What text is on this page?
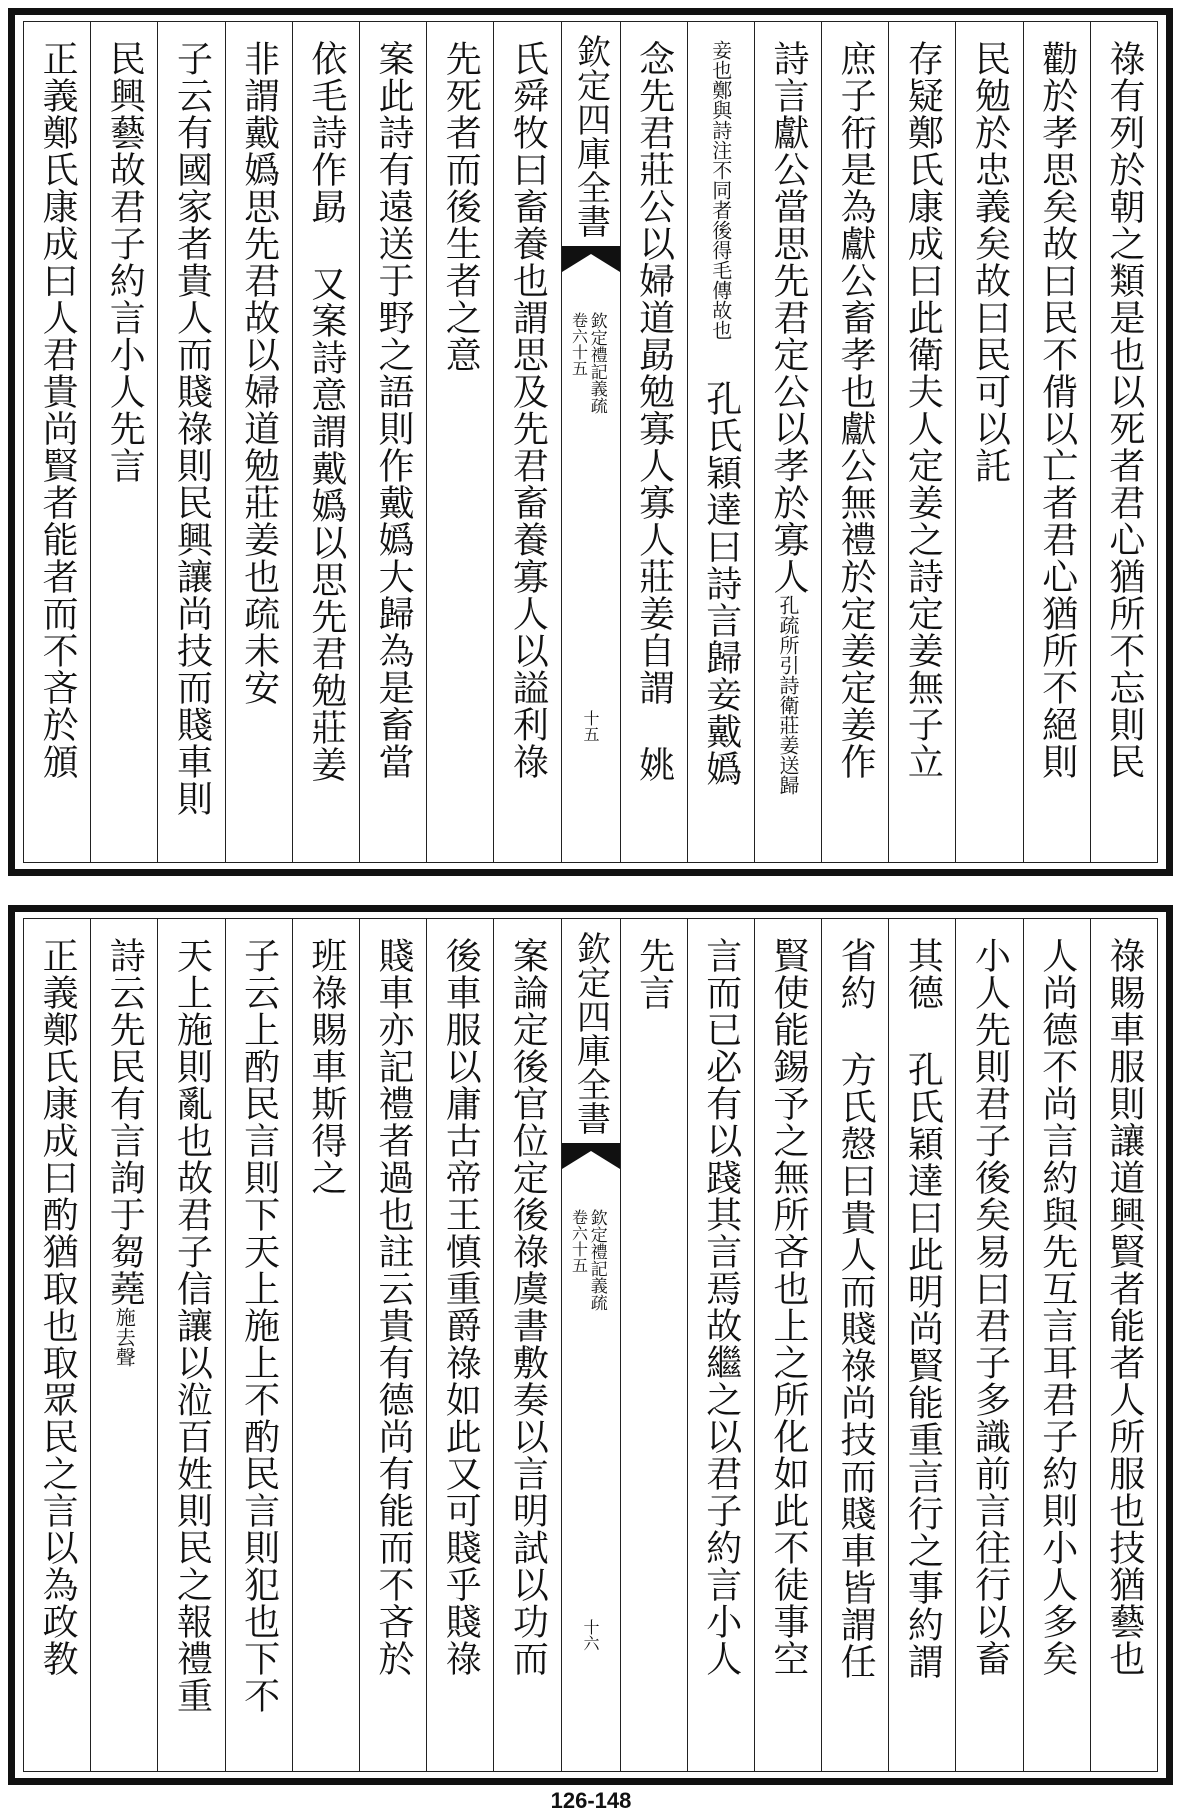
祿有列於朝之類是也以死者君心猶所不忘則民
勸於孝思矣故曰民不偝以亡者君心猶所不絕則
民勉於忠義矣故曰民可以託
存疑鄭氏康成曰此衛夫人定姜之詩定姜無子立
庶子衎是為獻公畜孝也獻公無禮於定姜定姜作
詩言獻公當思先君定公以孝於寡人孔疏所引詩衛莊姜送歸
妾也鄭與詩注不同者後得毛傳故也孔氏穎達曰詩言歸妾戴嬀
念先君莊公以婦道勗勉寡人寡人莊姜自謂姚
欽定四庫全書
欽定禮記義疏
卷六十五
十五
氏舜牧曰畜養也謂思及先君畜養寡人以謚利祿
先死者而後生者之意
案此詩有遠送于野之語則作戴嬀大歸為是畜當
依毛詩作勗又案詩意謂戴嬀以思先君勉莊姜
非謂戴嬀思先君故以婦道勉莊姜也疏未安
子云有國家者貴人而賤祿則民興讓尚技而賤車則
民興藝故君子約言小人先言
正義鄭氏康成曰人君貴尚賢者能者而不吝於頒
祿賜車服則讓道興賢者能者人所服也技猶藝也
人尚德不尚言約與先互言耳君子約則小人多矣
小人先則君子後矣易曰君子多識前言往行以畜
其德孔氏穎達曰此明尚賢能重言行之事約謂
省約方氏慤曰貴人而賤祿尚技而賤車皆謂任
賢使能錫予之無所吝也上之所化如此不徒事空
言而已必有以踐其言焉故繼之以君子約言小人
先言
欽定四庫全書
欽定禮記義疏
卷六十五
十六
案論定後官位定後祿虞書敷奏以言明試以功而
後車服以庸古帝王慎重爵祿如此又可賤乎賤祿
賤車亦記禮者過也註云貴有德尚有能而不吝於
班祿賜車斯得之
子云上酌民言則下天上施上不酌民言則犯也下不
天上施則亂也故君子信讓以涖百姓則民之報禮重
詩云先民有言詢于芻蕘施去聲
正義鄭氏康成曰酌猶取也取眾民之言以為政教
126-148
